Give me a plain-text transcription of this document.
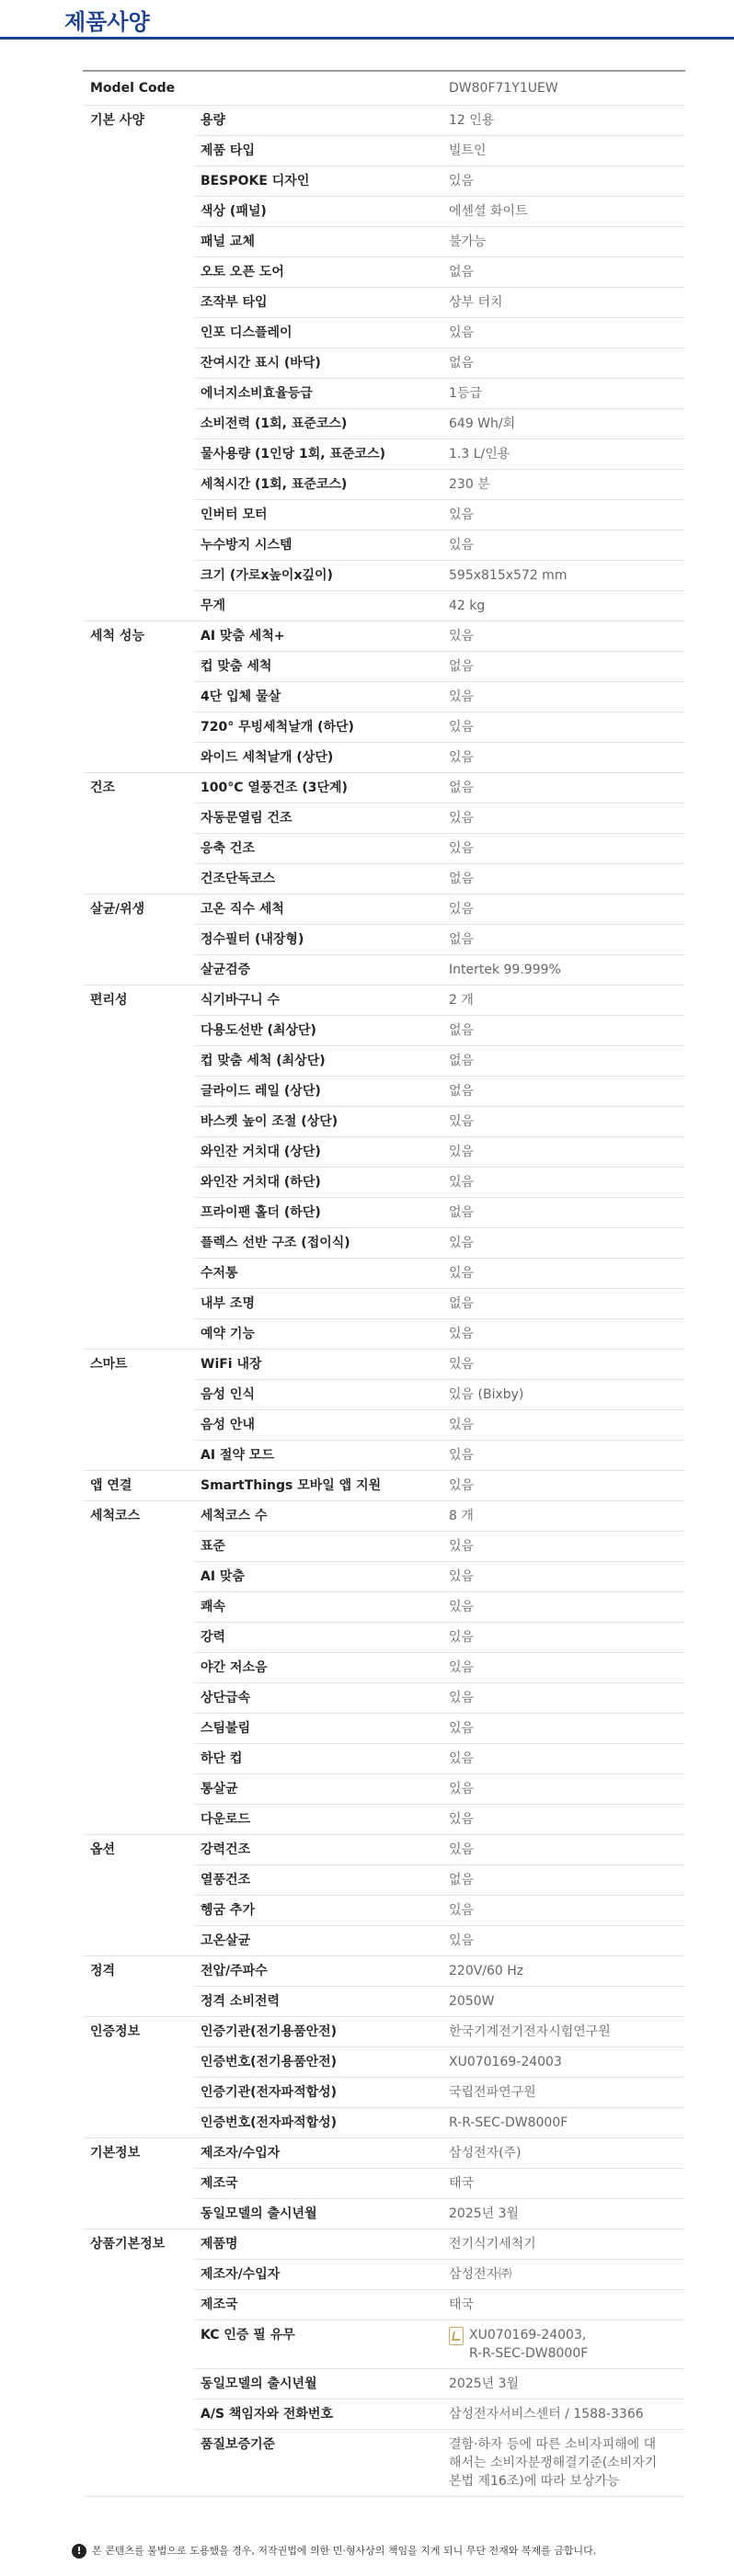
제품사양
Model Code		DW80F71Y1UEW
기본 사양	용량	12 인용
	제품 타입	빌트인
	BESPOKE 디자인	있음
	색상 (패널)	에센셜 화이트
	패널 교체	불가능
	오토 오픈 도어	없음
	조작부 타입	상부 터치
	인포 디스플레이	있음
	잔여시간 표시 (바닥)	없음
	에너지소비효율등급	1등급
	소비전력 (1회, 표준코스)	649 Wh/회
	물사용량 (1인당 1회, 표준코스)	1.3 L/인용
	세척시간 (1회, 표준코스)	230 분
	인버터 모터	있음
	누수방지 시스템	있음
	크기 (가로x높이x깊이)	595x815x572 mm
	무게	42 kg
세척 성능	AI 맞춤 세척+	있음
	컵 맞춤 세척	없음
	4단 입체 물살	있음
	720° 무빙세척날개 (하단)	있음
	와이드 세척날개 (상단)	있음
건조	100°C 열풍건조 (3단계)	없음
	자동문열림 건조	있음
	응축 건조	있음
	건조단독코스	없음
살균/위생	고온 직수 세척	있음
	정수필터 (내장형)	없음
	살균검증	Intertek 99.999%
편리성	식기바구니 수	2 개
	다용도선반 (최상단)	없음
	컵 맞춤 세척 (최상단)	없음
	글라이드 레일 (상단)	없음
	바스켓 높이 조절 (상단)	있음
	와인잔 거치대 (상단)	있음
	와인잔 거치대 (하단)	있음
	프라이팬 홀더 (하단)	없음
	플렉스 선반 구조 (접이식)	있음
	수저통	있음
	내부 조명	없음
	예약 기능	있음
스마트	WiFi 내장	있음
	음성 인식	있음 (Bixby)
	음성 안내	있음
	AI 절약 모드	있음
앱 연결	SmartThings 모바일 앱 지원	있음
세척코스	세척코스 수	8 개
	표준	있음
	AI 맞춤	있음
	쾌속	있음
	강력	있음
	야간 저소음	있음
	상단급속	있음
	스팀불림	있음
	하단 컵	있음
	통살균	있음
	다운로드	있음
옵션	강력건조	있음
	열풍건조	없음
	헹굼 추가	있음
	고온살균	있음
정격	전압/주파수	220V/60 Hz
	정격 소비전력	2050W
인증정보	인증기관(전기용품안전)	한국기계전기전자시험연구원
	인증번호(전기용품안전)	XU070169-24003
	인증기관(전자파적합성)	국립전파연구원
	인증번호(전자파적합성)	R-R-SEC-DW8000F
기본정보	제조자/수입자	삼성전자(주)
	제조국	태국
	동일모델의 출시년월	2025년 3월
상품기본정보	제품명	전기식기세척기
	제조자/수입자	삼성전자㈜
	제조국	태국
	KC 인증 필 유무	XU070169-24003,
R-R-SEC-DW8000F
	동일모델의 출시년월	2025년 3월
	A/S 책임자와 전화번호	삼성전자서비스센터 / 1588-3366
	품질보증기준	결함·하자 등에 따른 소비자피해에 대
해서는 소비자분쟁해결기준(소비자기
본법 제16조)에 따라 보상가능
! 본 콘텐츠를 불법으로 도용했을 경우, 저작권법에 의한 민·형사상의 책임을 지게 되니 무단 전재와 복제를 금합니다.
